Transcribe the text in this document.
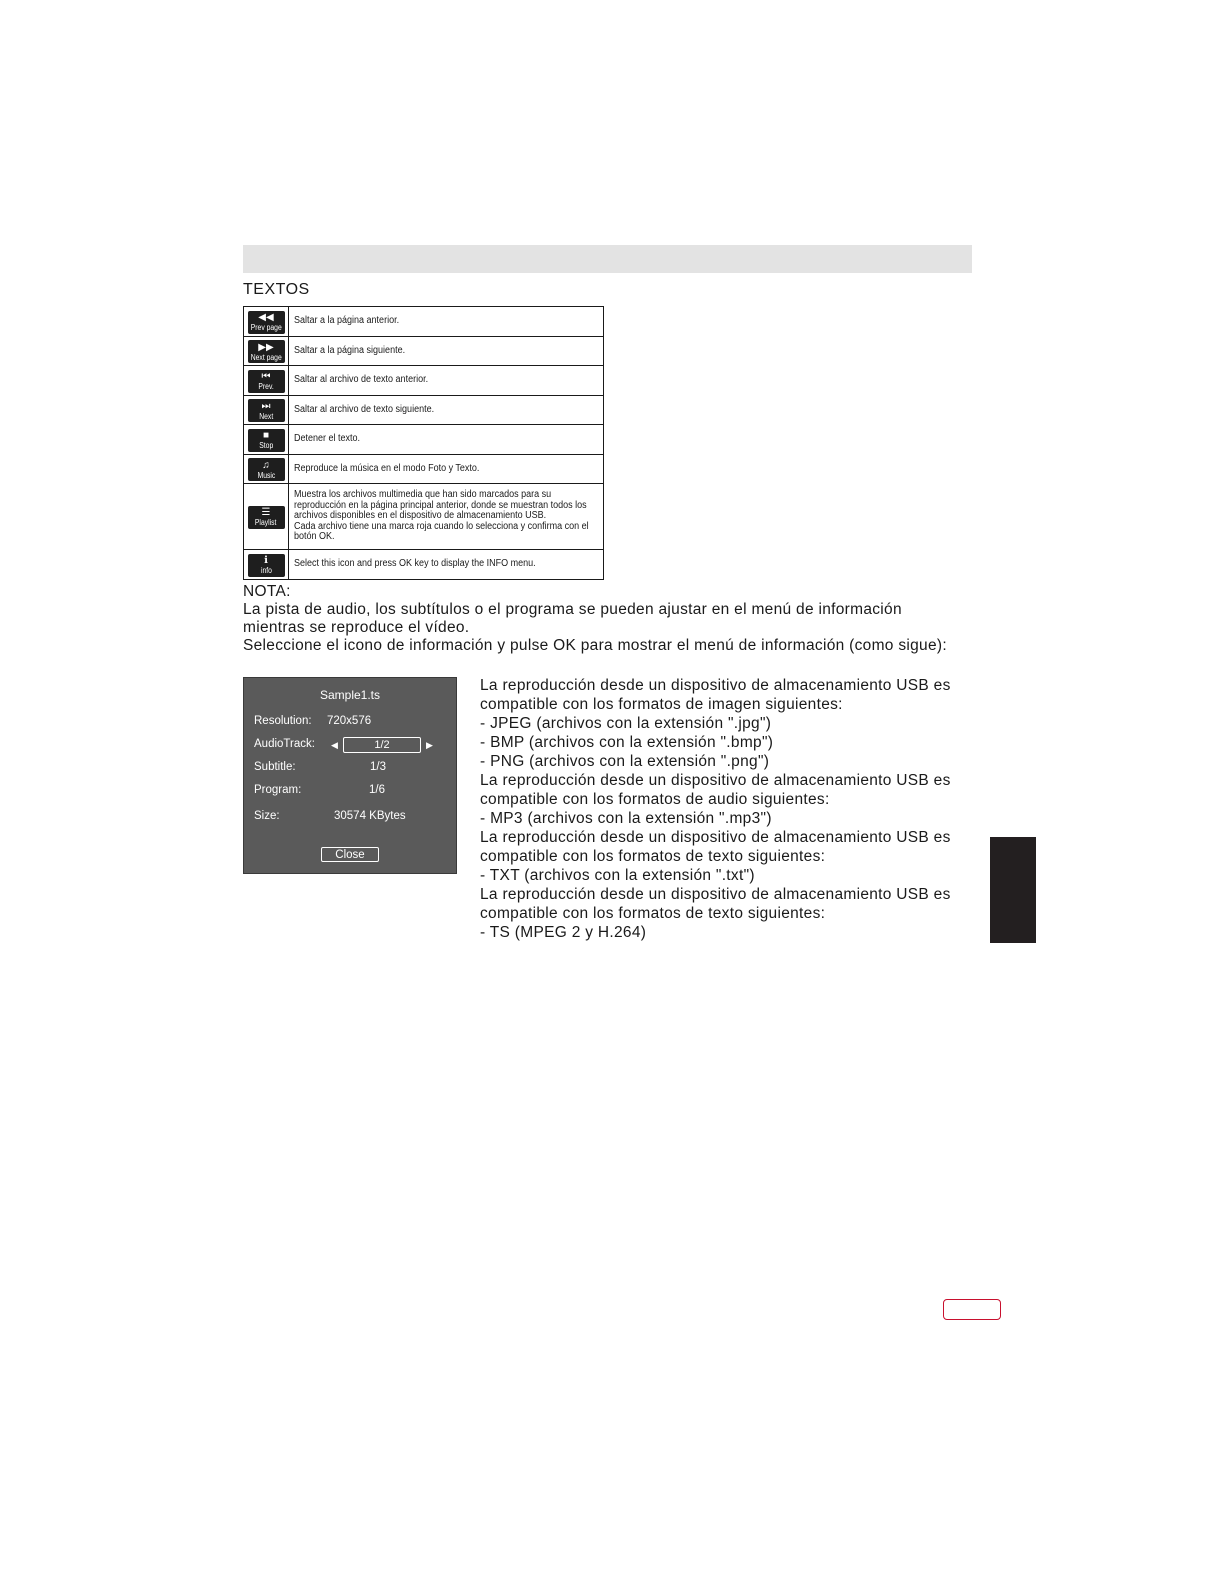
TEXTOS
◀◀
Prev page	Saltar a la página anterior.

▶▶
Next page	Saltar a la página siguiente.

⏮
Prev.	Saltar al archivo de texto anterior.

⏭
Next	Saltar al archivo de texto siguiente.

■
Stop	Detener el texto.

♫
Music	Reproduce la música en el modo Foto y Texto.

☰
Playlist	Muestra los archivos multimedia que han sido marcados para su reproducción en la página principal anterior, donde se muestran todos los archivos disponibles en el dispositivo de almacenamiento USB.
Cada archivo tiene una marca roja cuando lo selecciona y confirma con el botón OK.

ℹ
info	Select this icon and press OK key to display the INFO menu.

NOTA:

La pista de audio, los subtítulos o el programa se pueden ajustar en el menú de información

mientras se reproduce el vídeo.

Seleccione el icono de información y pulse OK para mostrar el menú de información (como sigue):

Sample1.ts
Resolution: 720x576
AudioTrack: ◀	1/2	▶
Subtitle:	1/3
Program:	1/6
Size:	30574 KBytes
Close

La reproducción desde un dispositivo de almacenamiento USB es

compatible con los formatos de imagen siguientes:

- JPEG (archivos con la extensión ".jpg")

- BMP (archivos con la extensión ".bmp")

- PNG (archivos con la extensión ".png")

La reproducción desde un dispositivo de almacenamiento USB es

compatible con los formatos de audio siguientes:

- MP3 (archivos con la extensión ".mp3")

La reproducción desde un dispositivo de almacenamiento USB es

compatible con los formatos de texto siguientes:

- TXT (archivos con la extensión ".txt")

La reproducción desde un dispositivo de almacenamiento USB es

compatible con los formatos de texto siguientes:

- TS (MPEG 2 y H.264)
